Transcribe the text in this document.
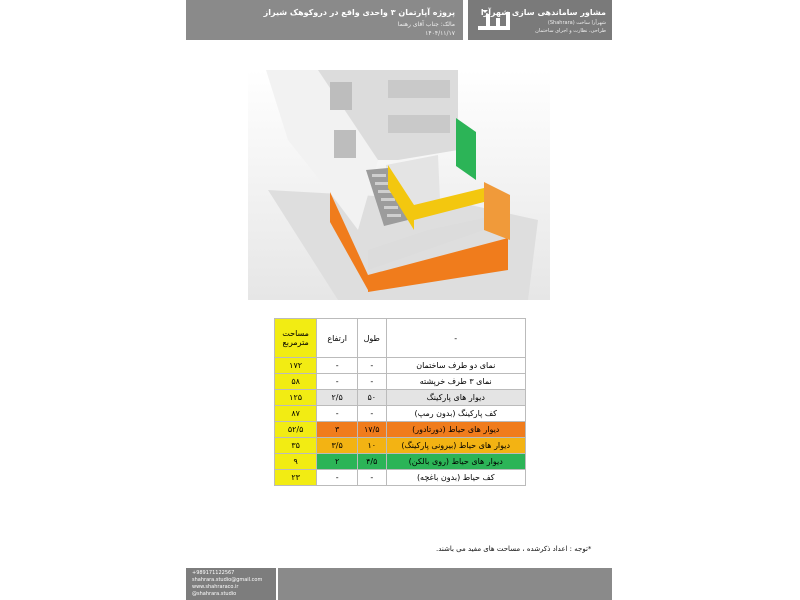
پروژه آپارتمان ۳ واحدی واقع در دروکوهک شیراز
مالک: جناب آقای رهنما
۱۴۰۴/۱۱/۱۷
مشاور ساماندهی سازی شهرآرا
شهرآرا ساخت (Shahrara)
طراحی، نظارت و اجرای ساختمان
-	طول	ارتفاع	مساحت مترمربع
نمای دو طرف ساختمان	-	-	۱۷۲
نمای ۳ طرف خرپشته	-	-	۵۸
دیوار های پارکینگ	۵۰	۲/۵	۱۲۵
کف پارکینگ (بدون رمپ)	-	-	۸۷
دیوار های حیاط (دورتادور)	۱۷/۵	۳	۵۲/۵
دیوار های حیاط (بیرونی پارکینگ)	۱۰	۳/۵	۳۵
دیوار های حیاط (روی بالکن)	۴/۵	۲	۹
کف حیاط (بدون باغچه)	-	-	۲۳
*توجه : اعداد ذکرشده ، مساحت های مفید می باشند.
+989171122567
shahrara.studio@gmail.com
www.shahraraco.ir
@shahrara.studio
